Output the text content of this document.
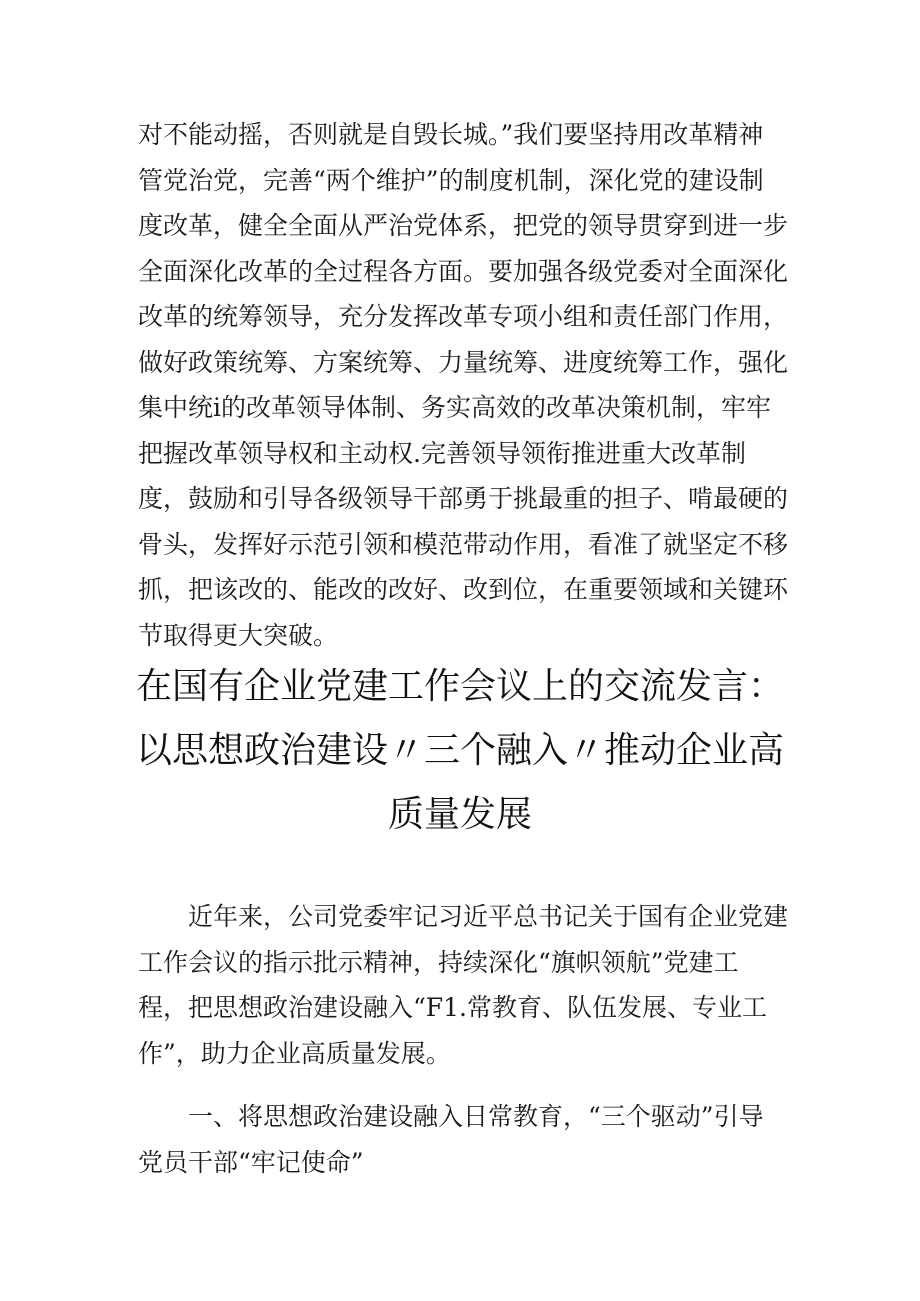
对不能动摇，否则就是自毁长城。”我们要坚持用改革精神管党治党，完善“两个维护”的制度机制，深化党的建设制度改革，健全全面从严治党体系，把党的领导贯穿到进一步全面深化改革的全过程各方面。要加强各级党委对全面深化改革的统筹领导，充分发挥改革专项小组和责任部门作用，做好政策统筹、方案统筹、力量统筹、进度统筹工作，强化集中统i的改革领导体制、务实高效的改革决策机制，牢牢把握改革领导权和主动权.完善领导领衔推进重大改革制度，鼓励和引导各级领导干部勇于挑最重的担子、啃最硬的骨头，发挥好示范引领和模范带动作用，看准了就坚定不移抓，把该改的、能改的改好、改到位，在重要领域和关键环节取得更大突破。

在国有企业党建工作会议上的交流发言：以思想政治建设〃三个融入〃推动企业高质量发展

近年来，公司党委牢记习近平总书记关于国有企业党建工作会议的指示批示精神，持续深化“旗帜领航”党建工程，把思想政治建设融入“F1.常教育、队伍发展、专业工作”，助力企业高质量发展。

一、将思想政治建设融入日常教育，“三个驱动”引导党员干部“牢记使命”
